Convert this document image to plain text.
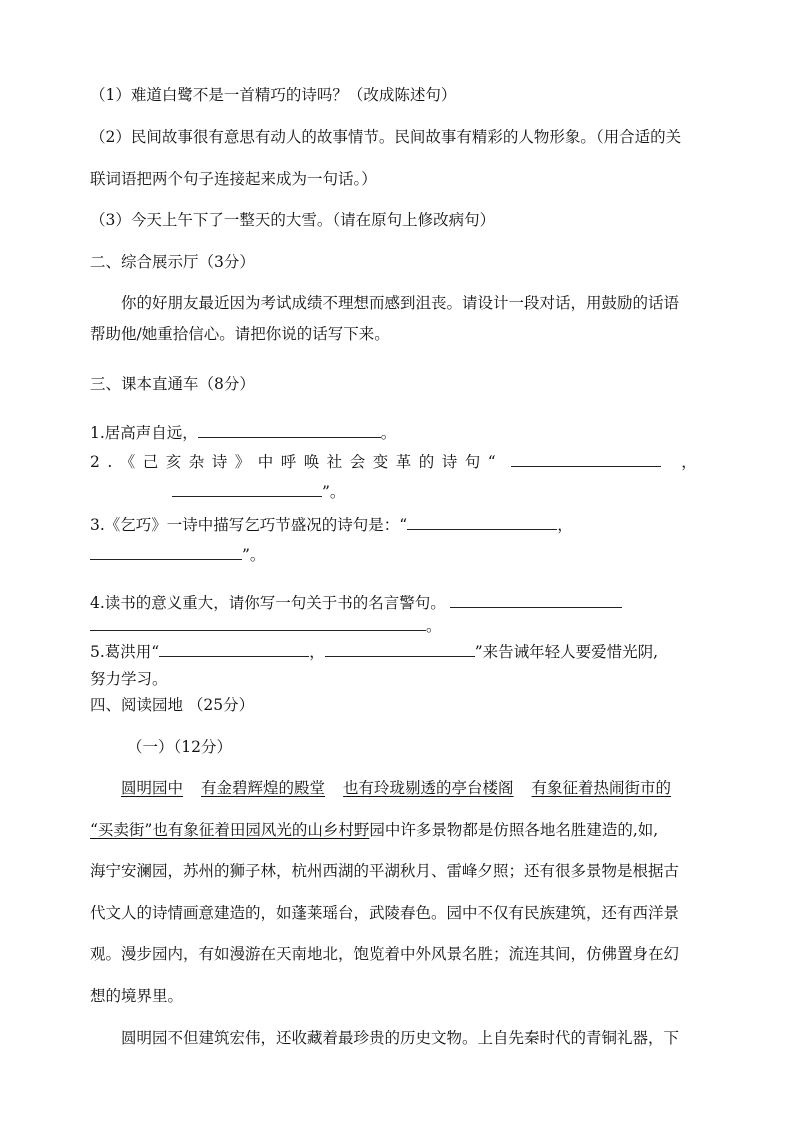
（1）难道白鹭不是一首精巧的诗吗？（改成陈述句）
（2）民间故事很有意思有动人的故事情节。民间故事有精彩的人物形象。（用合适的关
联词语把两个句子连接起来成为一句话。）
（3）今天上午下了一整天的大雪。（请在原句上修改病句）
二、综合展示厅（3分）
你的好朋友最近因为考试成绩不理想而感到沮丧。请设计一段对话，用鼓励的话语
帮助他/她重拾信心。请把你说的话写下来。
三、课本直通车（8分）
1.居高声自远，	。
2.《己亥杂诗》中呼唤社会变革的诗句“	，
”。
3.《乞巧》一诗中描写乞巧节盛况的诗句是：“	，
”。
4.读书的意义重大，请你写一句关于书的名言警句。
。
5.葛洪用“	，	”来告诫年轻人要爱惜光阴,
努力学习。
四、阅读园地 （25分）
（一）（12分）
圆明园中 有金碧辉煌的殿堂 也有玲珑剔透的亭台楼阁 有象征着热闹街市的
“买卖街”也有象征着田园风光的山乡村野园中许多景物都是仿照各地名胜建造的,如,
海宁安澜园，苏州的狮子林，杭州西湖的平湖秋月、雷峰夕照；还有很多景物是根据古
代文人的诗情画意建造的，如蓬莱瑶台，武陵春色。园中不仅有民族建筑，还有西洋景
观。漫步园内，有如漫游在天南地北，饱览着中外风景名胜；流连其间，仿佛置身在幻
想的境界里。
圆明园不但建筑宏伟，还收藏着最珍贵的历史文物。上自先秦时代的青铜礼器，下
